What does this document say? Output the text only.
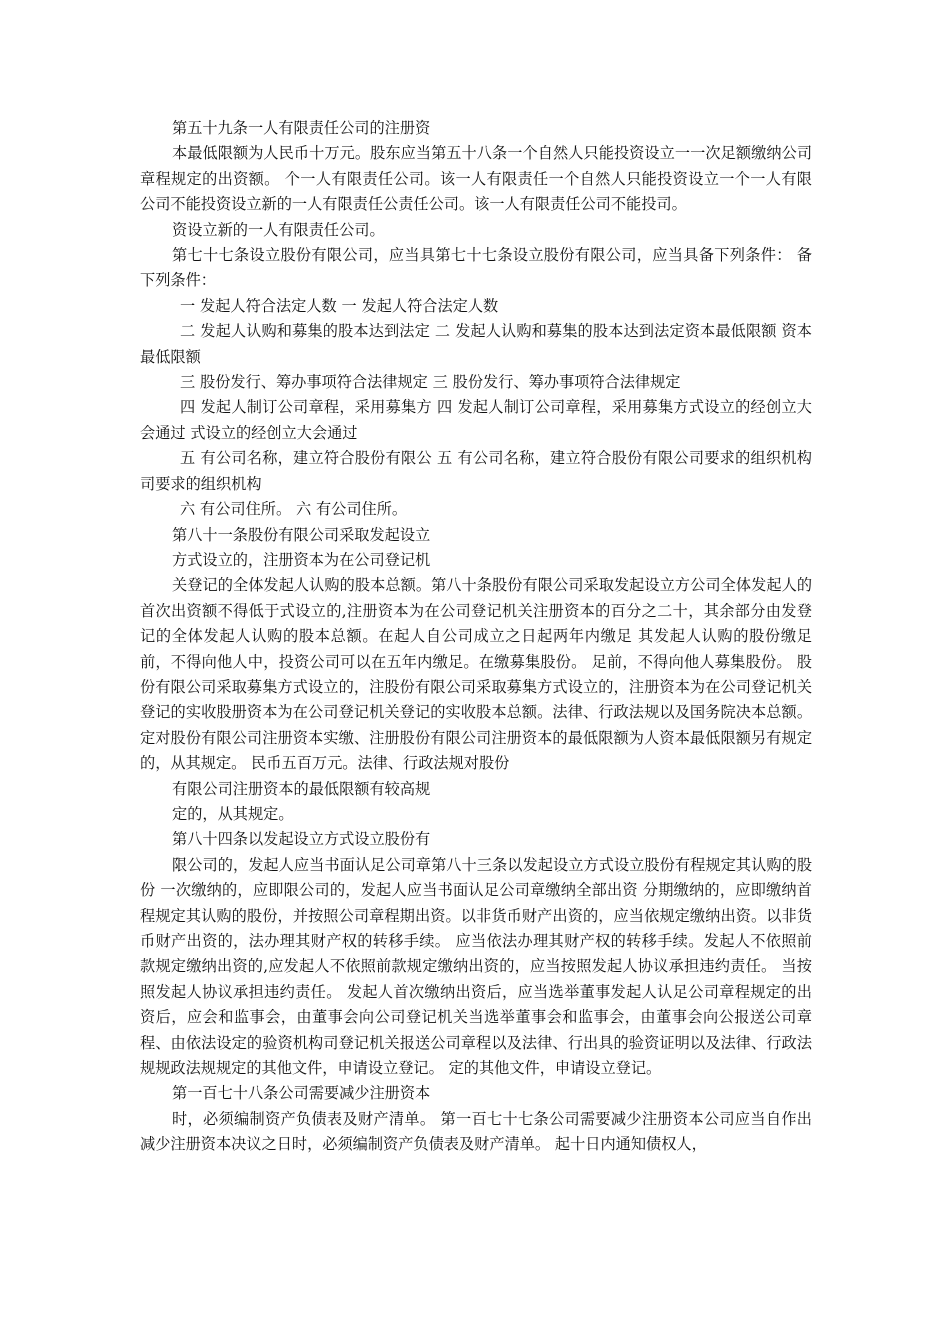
第五十九条一人有限责任公司的注册资

本最低限额为人民币十万元。股东应当第五十八条一个自然人只能投资设立一一次足额缴纳公司章程规定的出资额。 个一人有限责任公司。该一人有限责任一个自然人只能投资设立一个一人有限公司不能投资设立新的一人有限责任公责任公司。该一人有限责任公司不能投司。

资设立新的一人有限责任公司。

第七十七条设立股份有限公司，应当具第七十七条设立股份有限公司，应当具备下列条件： 备下列条件：

一 发起人符合法定人数 一 发起人符合法定人数

二 发起人认购和募集的股本达到法定 二 发起人认购和募集的股本达到法定资本最低限额 资本最低限额

三 股份发行、筹办事项符合法律规定 三 股份发行、筹办事项符合法律规定

四 发起人制订公司章程，采用募集方 四 发起人制订公司章程，采用募集方式设立的经创立大会通过 式设立的经创立大会通过

五 有公司名称，建立符合股份有限公 五 有公司名称，建立符合股份有限公司要求的组织机构 司要求的组织机构

六 有公司住所。 六 有公司住所。

第八十一条股份有限公司采取发起设立

方式设立的，注册资本为在公司登记机

关登记的全体发起人认购的股本总额。第八十条股份有限公司采取发起设立方公司全体发起人的首次出资额不得低于式设立的,注册资本为在公司登记机关注册资本的百分之二十，其余部分由发登记的全体发起人认购的股本总额。在起人自公司成立之日起两年内缴足 其发起人认购的股份缴足前，不得向他人中，投资公司可以在五年内缴足。在缴募集股份。 足前，不得向他人募集股份。 股份有限公司采取募集方式设立的，注股份有限公司采取募集方式设立的，注册资本为在公司登记机关登记的实收股册资本为在公司登记机关登记的实收股本总额。法律、行政法规以及国务院决本总额。 定对股份有限公司注册资本实缴、注册股份有限公司注册资本的最低限额为人资本最低限额另有规定的，从其规定。 民币五百万元。法律、行政法规对股份

有限公司注册资本的最低限额有较高规

定的，从其规定。

第八十四条以发起设立方式设立股份有

限公司的，发起人应当书面认足公司章第八十三条以发起设立方式设立股份有程规定其认购的股份 一次缴纳的，应即限公司的，发起人应当书面认足公司章缴纳全部出资 分期缴纳的，应即缴纳首程规定其认购的股份，并按照公司章程期出资。以非货币财产出资的，应当依规定缴纳出资。以非货币财产出资的，法办理其财产权的转移手续。 应当依法办理其财产权的转移手续。发起人不依照前款规定缴纳出资的,应发起人不依照前款规定缴纳出资的，应当按照发起人协议承担违约责任。 当按照发起人协议承担违约责任。 发起人首次缴纳出资后，应当选举董事发起人认足公司章程规定的出资后，应会和监事会，由董事会向公司登记机关当选举董事会和监事会，由董事会向公报送公司章程、由依法设定的验资机构司登记机关报送公司章程以及法律、行出具的验资证明以及法律、行政法规规政法规规定的其他文件，申请设立登记。 定的其他文件，申请设立登记。

第一百七十八条公司需要减少注册资本

时，必须编制资产负债表及财产清单。 第一百七十七条公司需要减少注册资本公司应当自作出减少注册资本决议之日时，必须编制资产负债表及财产清单。 起十日内通知债权人，
